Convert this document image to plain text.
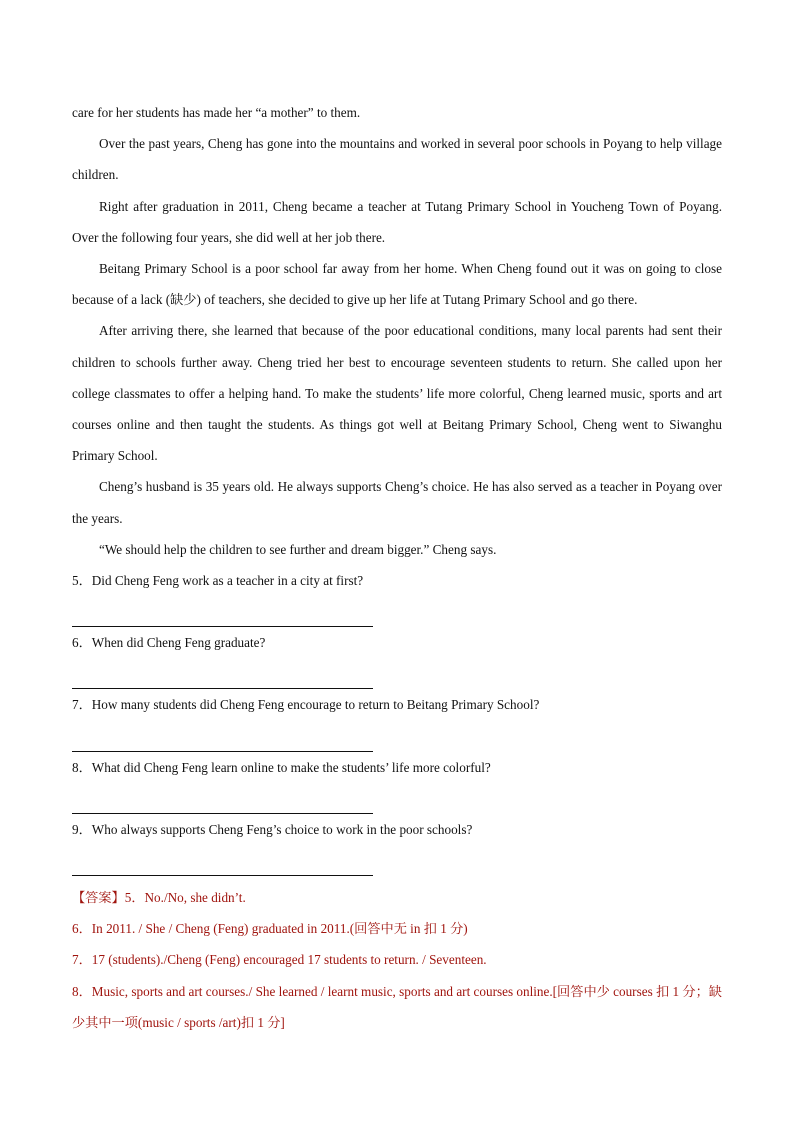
care for her students has made her “a mother” to them.

Over the past years, Cheng has gone into the mountains and worked in several poor schools in Poyang to help village children.

Right after graduation in 2011, Cheng became a teacher at Tutang Primary School in Youcheng Town of Poyang. Over the following four years, she did well at her job there.

Beitang Primary School is a poor school far away from her home. When Cheng found out it was on going to close because of a lack (缺少) of teachers, she decided to give up her life at Tutang Primary School and go there.

After arriving there, she learned that because of the poor educational conditions, many local parents had sent their children to schools further away. Cheng tried her best to encourage seventeen students to return. She called upon her college classmates to offer a helping hand. To make the students’ life more colorful, Cheng learned music, sports and art courses online and then taught the students. As things got well at Beitang Primary School, Cheng went to Siwanghu Primary School.

Cheng’s husband is 35 years old. He always supports Cheng’s choice. He has also served as a teacher in Poyang over the years.

“We should help the children to see further and dream bigger.” Cheng says.

5．Did Cheng Feng work as a teacher in a city at first?

6．When did Cheng Feng graduate?

7．How many students did Cheng Feng encourage to return to Beitang Primary School?

8．What did Cheng Feng learn online to make the students’ life more colorful?

9．Who always supports Cheng Feng’s choice to work in the poor schools?

【答案】5．No./No, she didn’t.

6．In 2011. / She / Cheng (Feng) graduated in 2011.(回答中无 in 扣 1 分)

7．17 (students)./Cheng (Feng) encouraged 17 students to return. / Seventeen.

8．Music, sports and art courses./ She learned / learnt music, sports and art courses online.[回答中少 courses 扣 1 分；缺少其中一项(music / sports /art)扣 1 分]
